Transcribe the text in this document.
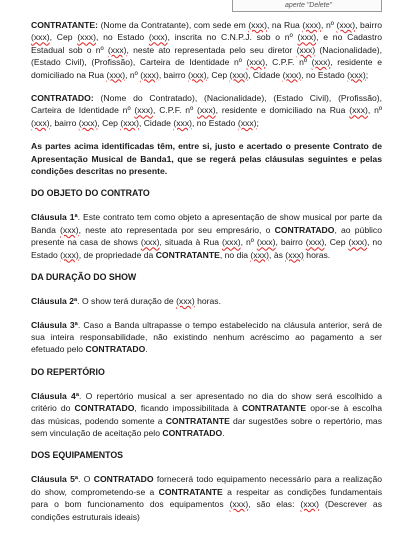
aperte "Delete"

CONTRATANTE: (Nome da Contratante), com sede em (xxx), na Rua (xxx), nº (xxx), bairro (xxx), Cep (xxx), no Estado (xxx), inscrita no C.N.P.J. sob o nº (xxx), e no Cadastro Estadual sob o nº (xxx), neste ato representada pelo seu diretor (xxx) (Nacionalidade), (Estado Civil), (Profissão), Carteira de Identidade nº (xxx), C.P.F. nº (xxx), residente e domiciliado na Rua (xxx), nº (xxx), bairro (xxx), Cep (xxx), Cidade (xxx), no Estado (xxx);

CONTRATADO: (Nome do Contratado), (Nacionalidade), (Estado Civil), (Profissão), Carteira de Identidade nº (xxx), C.P.F. nº (xxx), residente e domiciliado na Rua (xxx), nº (xxx), bairro (xxx), Cep (xxx), Cidade (xxx), no Estado (xxx);

As partes acima identificadas têm, entre si, justo e acertado o presente Contrato de Apresentação Musical de Banda1, que se regerá pelas cláusulas seguintes e pelas condições descritas no presente.

DO OBJETO DO CONTRATO

Cláusula 1ª. Este contrato tem como objeto a apresentação de show musical por parte da Banda (xxx), neste ato representada por seu empresário, o CONTRATADO, ao público presente na casa de shows (xxx), situada à Rua (xxx), nº (xxx), bairro (xxx), Cep (xxx), no Estado (xxx), de propriedade da CONTRATANTE, no dia (xxx), às (xxx) horas.

DA DURAÇÃO DO SHOW

Cláusula 2ª. O show terá duração de (xxx) horas.

Cláusula 3ª. Caso a Banda ultrapasse o tempo estabelecido na cláusula anterior, será de sua inteira responsabilidade, não existindo nenhum acréscimo ao pagamento a ser efetuado pelo CONTRATADO.

DO REPERTÓRIO

Cláusula 4ª. O repertório musical a ser apresentado no dia do show será escolhido a critério do CONTRATADO, ficando impossibilitada à CONTRATANTE opor-se à escolha das músicas, podendo somente a CONTRATANTE dar sugestões sobre o repertório, mas sem vinculação de aceitação pelo CONTRATADO.

DOS EQUIPAMENTOS

Cláusula 5ª. O CONTRATADO fornecerá todo equipamento necessário para a realização do show, comprometendo-se a CONTRATANTE a respeitar as condições fundamentais para o bom funcionamento dos equipamentos (xxx), são elas: (xxx) (Descrever as condições estruturais ideais)
